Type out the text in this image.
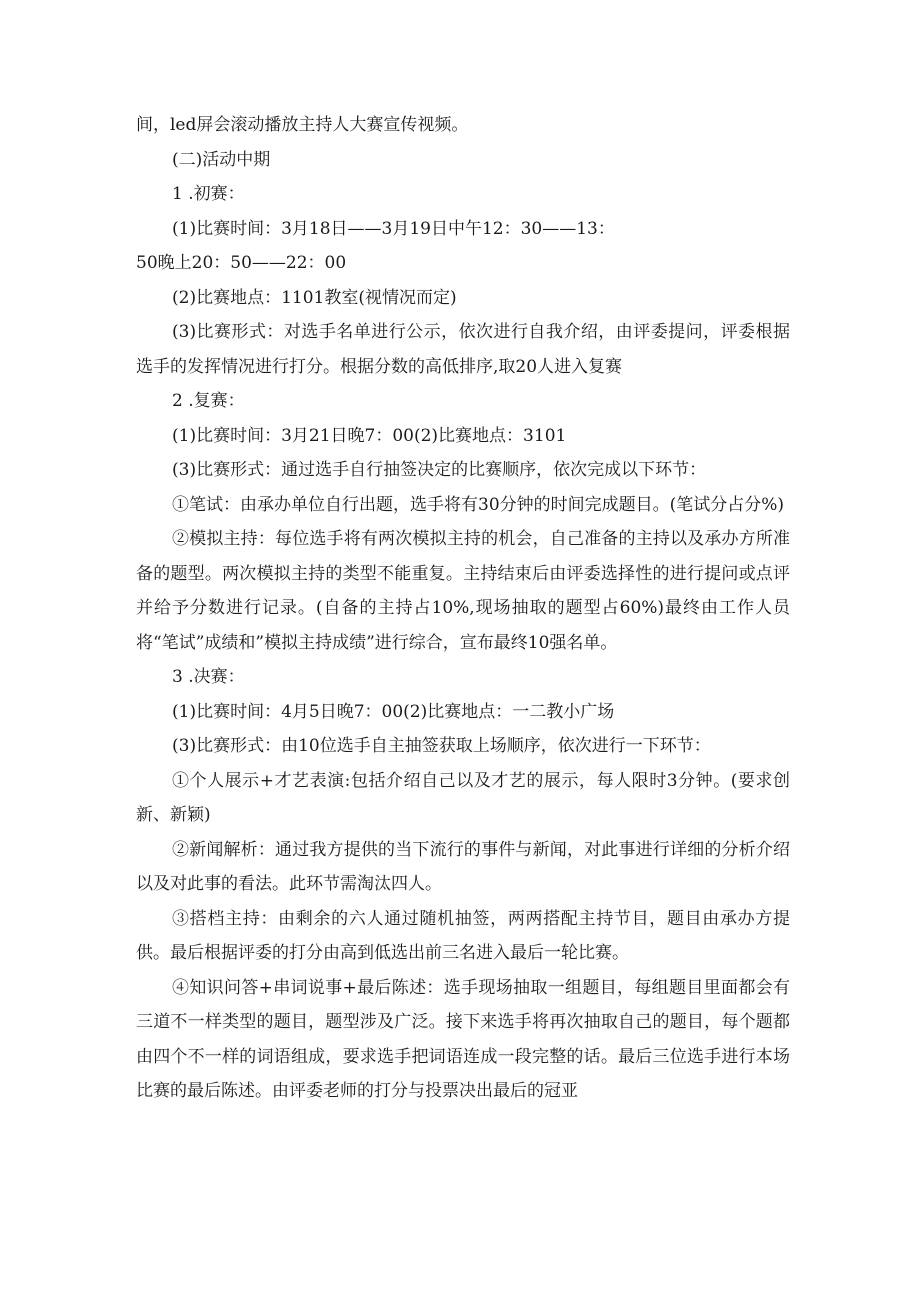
间，led屏会滚动播放主持人大赛宣传视频。

(二)活动中期

1 .初赛：

(1)比赛时间：3月18日——3月19日中午12：30——13：

50晚上20：50——22：00

(2)比赛地点：1101教室(视情况而定)

(3)比赛形式：对选手名单进行公示，依次进行自我介绍，由评委提问，评委根据选手的发挥情况进行打分。根据分数的高低排序,取20人进入复赛

2 .复赛：

(1)比赛时间：3月21日晚7：00(2)比赛地点：3101

(3)比赛形式：通过选手自行抽签决定的比赛顺序，依次完成以下环节：

①笔试：由承办单位自行出题，选手将有30分钟的时间完成题目。(笔试分占分%)

②模拟主持：每位选手将有两次模拟主持的机会，自己准备的主持以及承办方所准备的题型。两次模拟主持的类型不能重复。主持结束后由评委选择性的进行提问或点评并给予分数进行记录。(自备的主持占10%,现场抽取的题型占60%)最终由工作人员将“笔试”成绩和”模拟主持成绩”进行综合，宣布最终10强名单。

3 .决赛：

(1)比赛时间：4月5日晚7：00(2)比赛地点：一二教小广场

(3)比赛形式：由10位选手自主抽签获取上场顺序，依次进行一下环节：

①个人展示+才艺表演:包括介绍自己以及才艺的展示，每人限时3分钟。(要求创新、新颖)

②新闻解析：通过我方提供的当下流行的事件与新闻，对此事进行详细的分析介绍以及对此事的看法。此环节需淘汰四人。

③搭档主持：由剩余的六人通过随机抽签，两两搭配主持节目，题目由承办方提供。最后根据评委的打分由高到低选出前三名进入最后一轮比赛。

④知识问答+串词说事+最后陈述：选手现场抽取一组题目，每组题目里面都会有三道不一样类型的题目，题型涉及广泛。接下来选手将再次抽取自己的题目，每个题都由四个不一样的词语组成，要求选手把词语连成一段完整的话。最后三位选手进行本场比赛的最后陈述。由评委老师的打分与投票决出最后的冠亚
